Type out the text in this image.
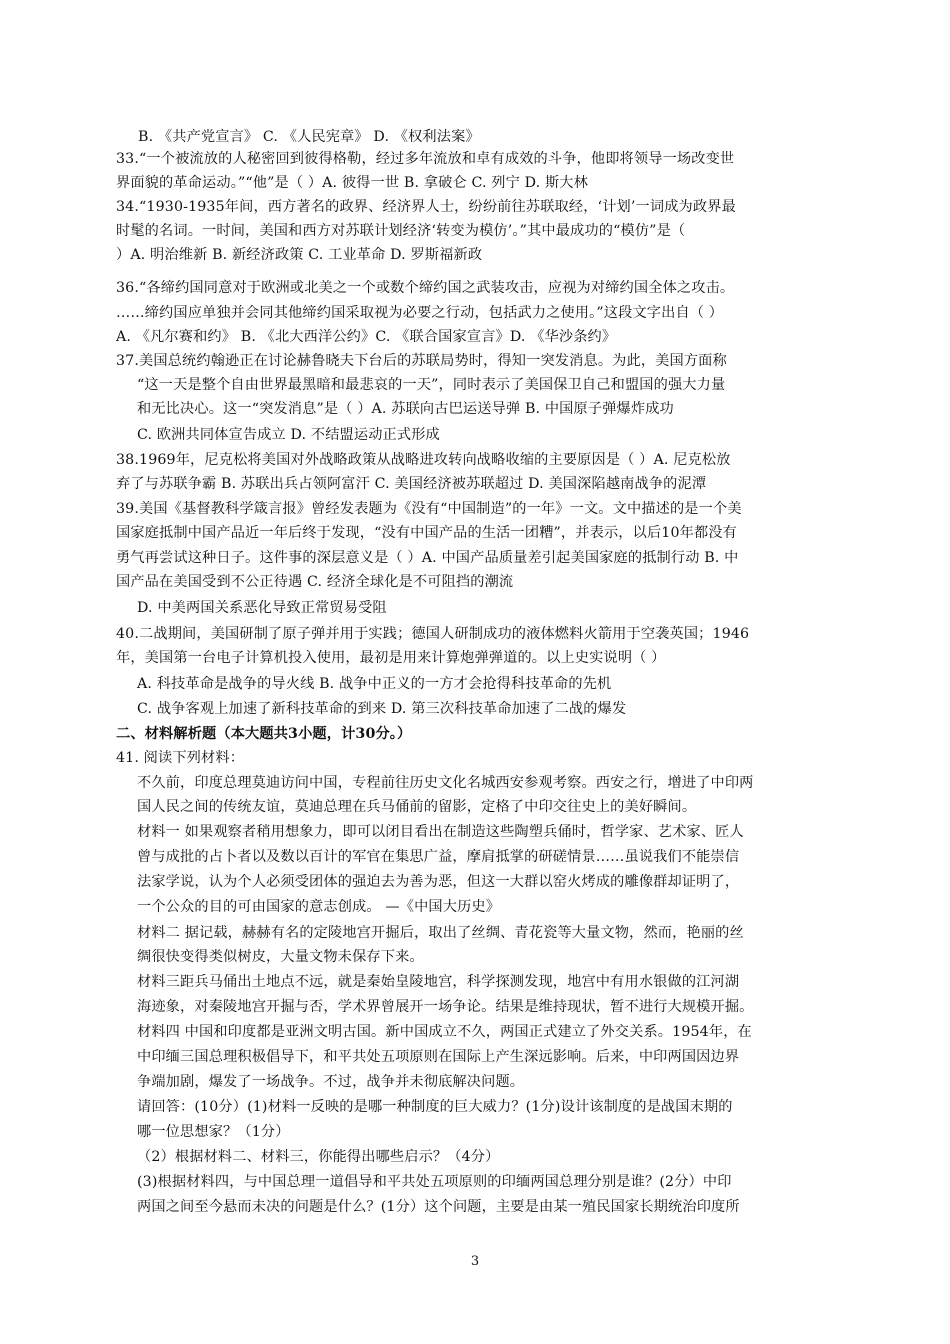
B. 《共产党宣言》 C. 《人民宪章》 D. 《权利法案》
33.“一个被流放的人秘密回到彼得格勒，经过多年流放和卓有成效的斗争，他即将领导一场改变世
界面貌的革命运动。”“他”是（ ）A. 彼得一世 B. 拿破仑 C. 列宁 D. 斯大林
34.“1930-1935年间，西方著名的政界、经济界人士，纷纷前往苏联取经，‘计划’一词成为政界最
时髦的名词。一时间，美国和西方对苏联计划经济‘转变为模仿’。”其中最成功的“模仿”是（
）A. 明治维新 B. 新经济政策 C. 工业革命 D. 罗斯福新政
36.“各缔约国同意对于欧洲或北美之一个或数个缔约国之武装攻击，应视为对缔约国全体之攻击。
……缔约国应单独并会同其他缔约国采取视为必要之行动，包括武力之使用。”这段文字出自（ ）
A. 《凡尔赛和约》 B. 《北大西洋公约》C. 《联合国家宣言》D. 《华沙条约》
37.美国总统约翰逊正在讨论赫鲁晓夫下台后的苏联局势时，得知一突发消息。为此，美国方面称
“这一天是整个自由世界最黑暗和最悲哀的一天”，同时表示了美国保卫自己和盟国的强大力量
和无比决心。这一“突发消息”是（ ）A. 苏联向古巴运送导弹 B. 中国原子弹爆炸成功
C. 欧洲共同体宣告成立 D. 不结盟运动正式形成
38.1969年，尼克松将美国对外战略政策从战略进攻转向战略收缩的主要原因是（ ）A. 尼克松放
弃了与苏联争霸 B. 苏联出兵占领阿富汗 C. 美国经济被苏联超过 D. 美国深陷越南战争的泥潭
39.美国《基督教科学箴言报》曾经发表题为《没有“中国制造”的一年》一文。文中描述的是一个美
国家庭抵制中国产品近一年后终于发现，“没有中国产品的生活一团糟”，并表示，以后10年都没有
勇气再尝试这种日子。这件事的深层意义是（ ）A. 中国产品质量差引起美国家庭的抵制行动 B. 中
国产品在美国受到不公正待遇 C. 经济全球化是不可阻挡的潮流
D. 中美两国关系恶化导致正常贸易受阻
40.二战期间，美国研制了原子弹并用于实践；德国人研制成功的液体燃料火箭用于空袭英国；1946
年，美国第一台电子计算机投入使用，最初是用来计算炮弹弹道的。以上史实说明（ ）
A. 科技革命是战争的导火线 B. 战争中正义的一方才会抢得科技革命的先机
C. 战争客观上加速了新科技革命的到来 D. 第三次科技革命加速了二战的爆发
二、材料解析题（本大题共3小题，计30分。）
41. 阅读下列材料：
不久前，印度总理莫迪访问中国，专程前往历史文化名城西安参观考察。西安之行，增进了中印两
国人民之间的传统友谊，莫迪总理在兵马俑前的留影，定格了中印交往史上的美好瞬间。
材料一 如果观察者稍用想象力，即可以闭目看出在制造这些陶塑兵俑时，哲学家、艺术家、匠人
曾与成批的占卜者以及数以百计的军官在集思广益，摩肩抵掌的研磋情景……虽说我们不能崇信
法家学说，认为个人必须受团体的强迫去为善为恶，但这一大群以窑火烤成的雕像群却证明了，
一个公众的目的可由国家的意志创成。 —《中国大历史》
材料二 据记载，赫赫有名的定陵地宫开掘后，取出了丝绸、青花瓷等大量文物，然而，艳丽的丝
绸很快变得类似树皮，大量文物未保存下来。
材料三距兵马俑出土地点不远，就是秦始皇陵地宫，科学探测发现，地宫中有用水银做的江河湖
海迹象，对秦陵地宫开掘与否，学术界曾展开一场争论。结果是维持现状，暂不进行大规模开掘。
材料四 中国和印度都是亚洲文明古国。新中国成立不久，两国正式建立了外交关系。1954年，在
中印缅三国总理积极倡导下，和平共处五项原则在国际上产生深远影响。后来，中印两国因边界
争端加剧，爆发了一场战争。不过，战争并未彻底解决问题。
请回答：(10分）(1)材料一反映的是哪一种制度的巨大威力？(1分)设计该制度的是战国末期的
哪一位思想家？（1分）
（2）根据材料二、材料三，你能得出哪些启示？（4分）
(3)根据材料四，与中国总理一道倡导和平共处五项原则的印缅两国总理分别是谁？(2分）中印
两国之间至今悬而未决的问题是什么？(1分）这个问题，主要是由某一殖民国家长期统治印度所
3
